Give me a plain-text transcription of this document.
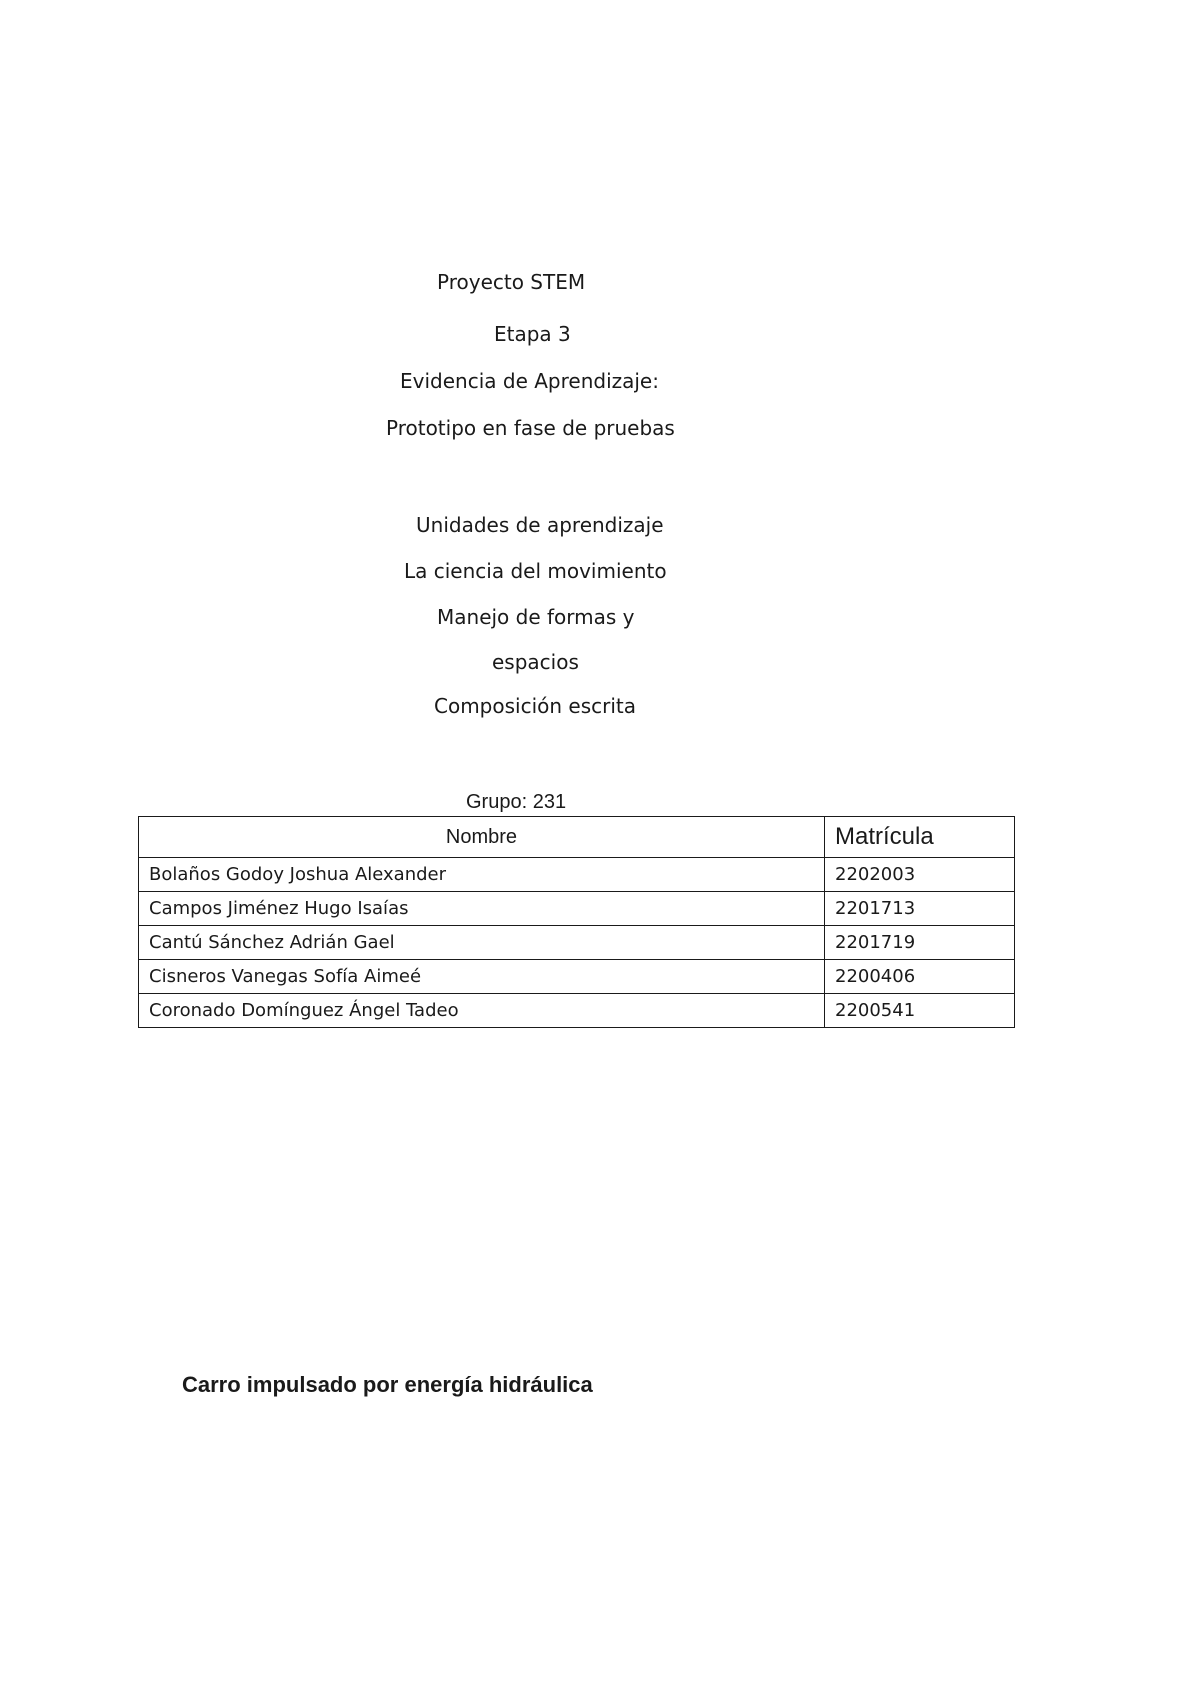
Proyecto STEM
Etapa 3
Evidencia de Aprendizaje:
Prototipo en fase de pruebas
Unidades de aprendizaje
La ciencia del movimiento
Manejo de formas y
espacios
Composición escrita
Grupo: 231
Nombre	Matrícula
Bolaños Godoy Joshua Alexander	2202003
Campos Jiménez Hugo Isaías	2201713
Cantú Sánchez Adrián Gael	2201719
Cisneros Vanegas Sofía Aimeé	2200406
Coronado Domínguez Ángel Tadeo	2200541
Carro impulsado por energía hidráulica
